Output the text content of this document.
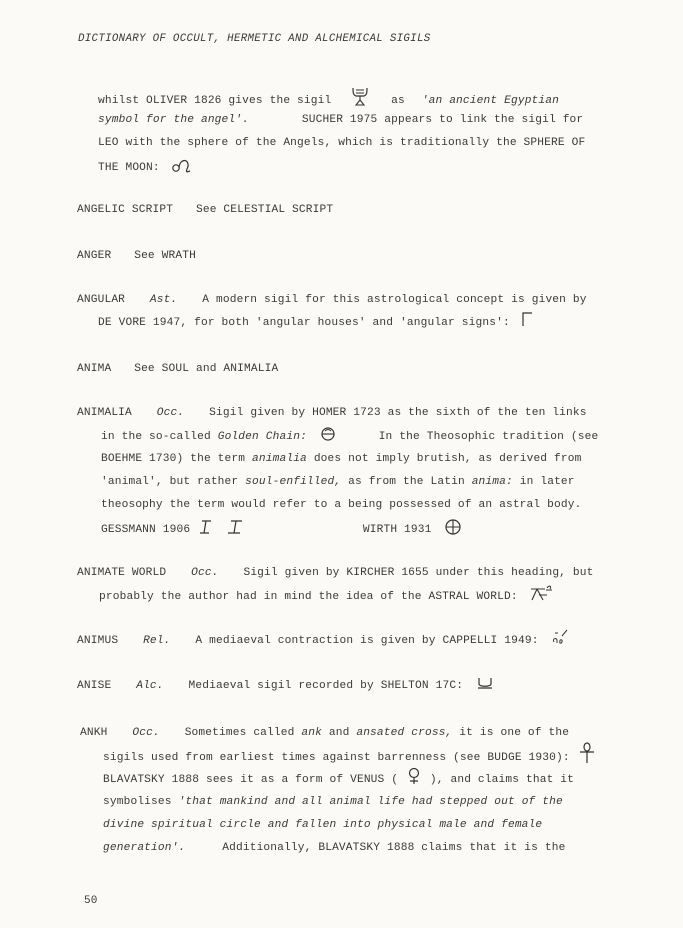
DICTIONARY OF OCCULT, HERMETIC AND ALCHEMICAL SIGILS
whilst OLIVER 1826 gives the sigil	as 'an ancient Egyptian
symbol for the angel'.	SUCHER 1975 appears to link the sigil for
LEO with the sphere of the Angels, which is traditionally the SPHERE OF
THE MOON:
ANGELIC SCRIPT See CELESTIAL SCRIPT
ANGER See WRATH
ANGULAR Ast. A modern sigil for this astrological concept is given by
DE VORE 1947, for both 'angular houses' and 'angular signs':
ANIMA See SOUL and ANIMALIA
ANIMALIA Occ. Sigil given by HOMER 1723 as the sixth of the ten links
in the so-called Golden Chain:	In the Theosophic tradition (see
BOEHME 1730) the term animalia does not imply brutish, as derived from
'animal', but rather soul-enfilled, as from the Latin anima: in later
theosophy the term would refer to a being possessed of an astral body.
GESSMANN 1906	WIRTH 1931
ANIMATE WORLD Occ. Sigil given by KIRCHER 1655 under this heading, but
probably the author had in mind the idea of the ASTRAL WORLD:
ANIMUS Rel. A mediaeval contraction is given by CAPPELLI 1949:
ANISE Alc. Mediaeval sigil recorded by SHELTON 17C:
ANKH Occ. Sometimes called ank and ansated cross, it is one of the
sigils used from earliest times against barrenness (see BUDGE 1930):
BLAVATSKY 1888 sees it as a form of VENUS (	), and claims that it
symbolises 'that mankind and all animal life had stepped out of the
divine spiritual circle and fallen into physical male and female
generation'.	Additionally, BLAVATSKY 1888 claims that it is the
50
